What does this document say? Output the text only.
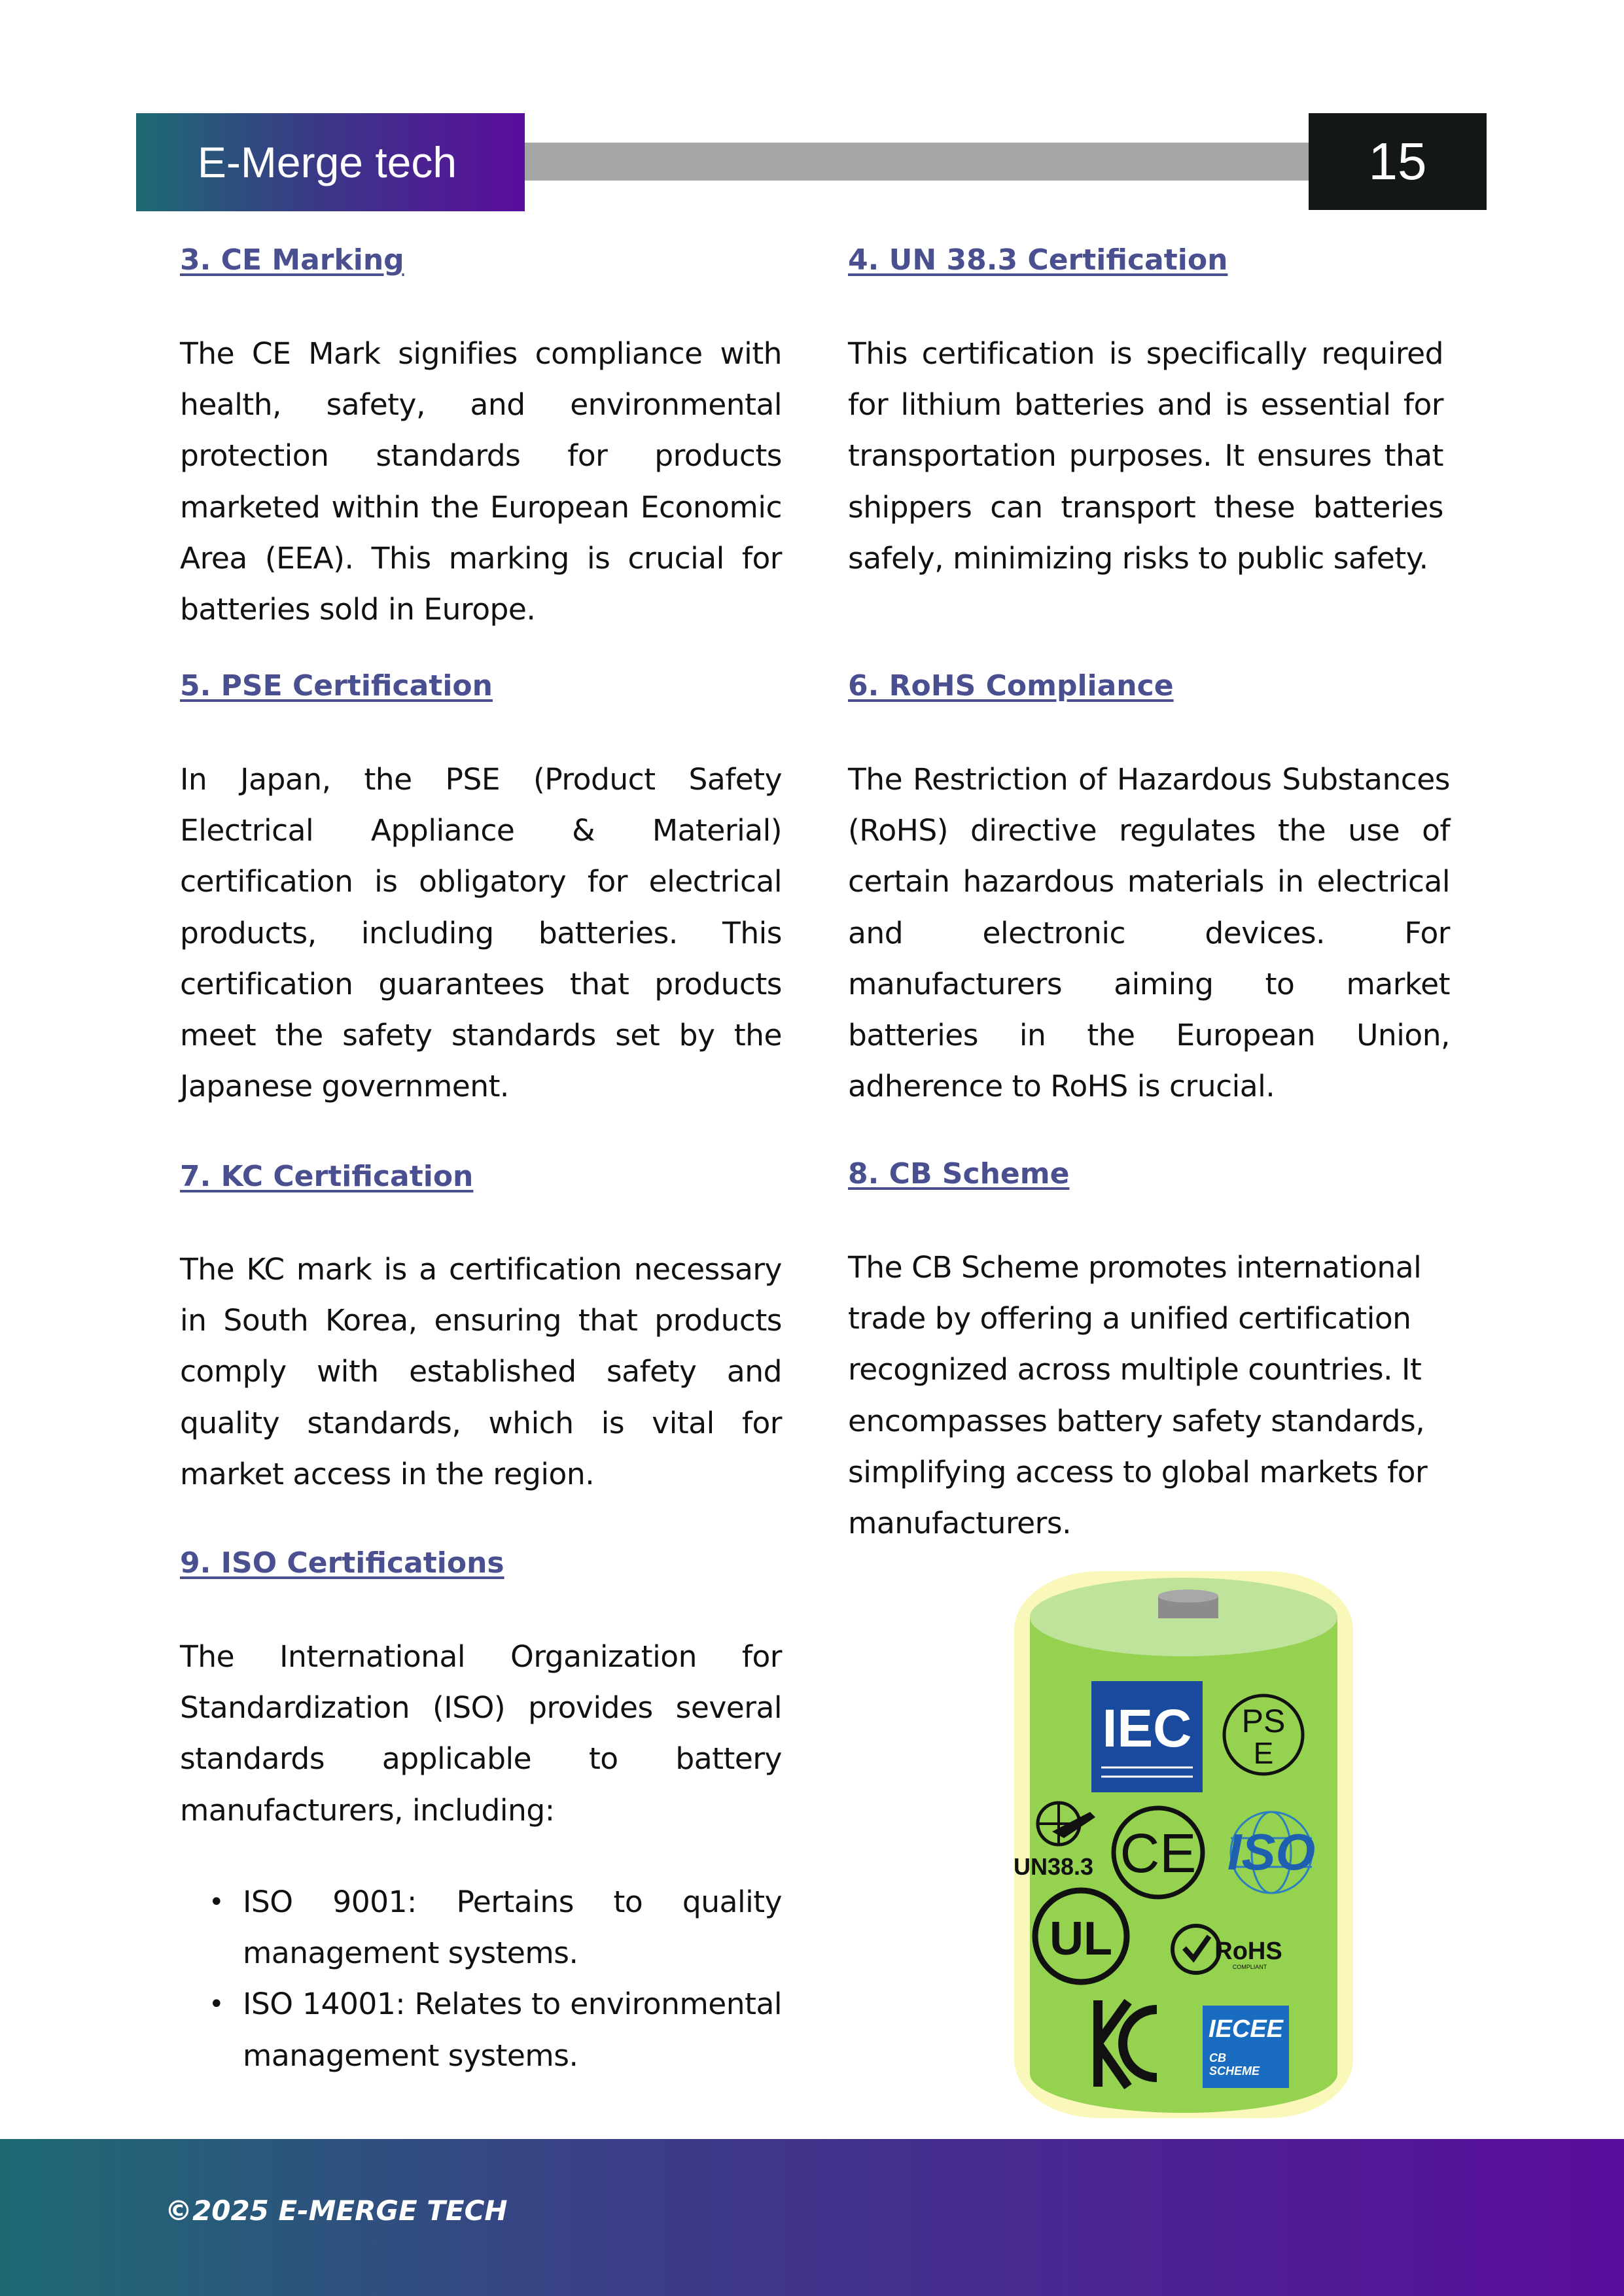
E-Merge tech	15
3. CE Marking

The CE Mark signifies compliance with health, safety, and environmental protection standards for products marketed within the European Economic Area (EEA). This marking is crucial for batteries sold in Europe.

5. PSE Certification

In Japan, the PSE (Product Safety Electrical Appliance & Material) certification is obligatory for electrical products, including batteries. This certification guarantees that products meet the safety standards set by the Japanese government.

7. KC Certification

The KC mark is a certification necessary in South Korea, ensuring that products comply with established safety and quality standards, which is vital for market access in the region.

9. ISO Certifications

The International Organization for Standardization (ISO) provides several standards applicable to battery manufacturers, including:

• ISO 9001: Pertains to quality management systems.
• ISO 14001: Relates to environmental management systems.
4. UN 38.3 Certification

This certification is specifically required for lithium batteries and is essential for transportation purposes. It ensures that shippers can transport these batteries safely, minimizing risks to public safety.

6. RoHS Compliance

The Restriction of Hazardous Substances (RoHS) directive regulates the use of certain hazardous materials in electrical and electronic devices. For manufacturers aiming to market batteries in the European Union, adherence to RoHS is crucial.

8. CB Scheme

The CB Scheme promotes international trade by offering a unified certification recognized across multiple countries. It encompasses battery safety standards, simplifying access to global markets for manufacturers.

IEC PS
E
UN38.3 CE ISO
UL	RoHS
COMPLIANT
IECEE
CB
SCHEME
©2025 E-MERGE TECH
